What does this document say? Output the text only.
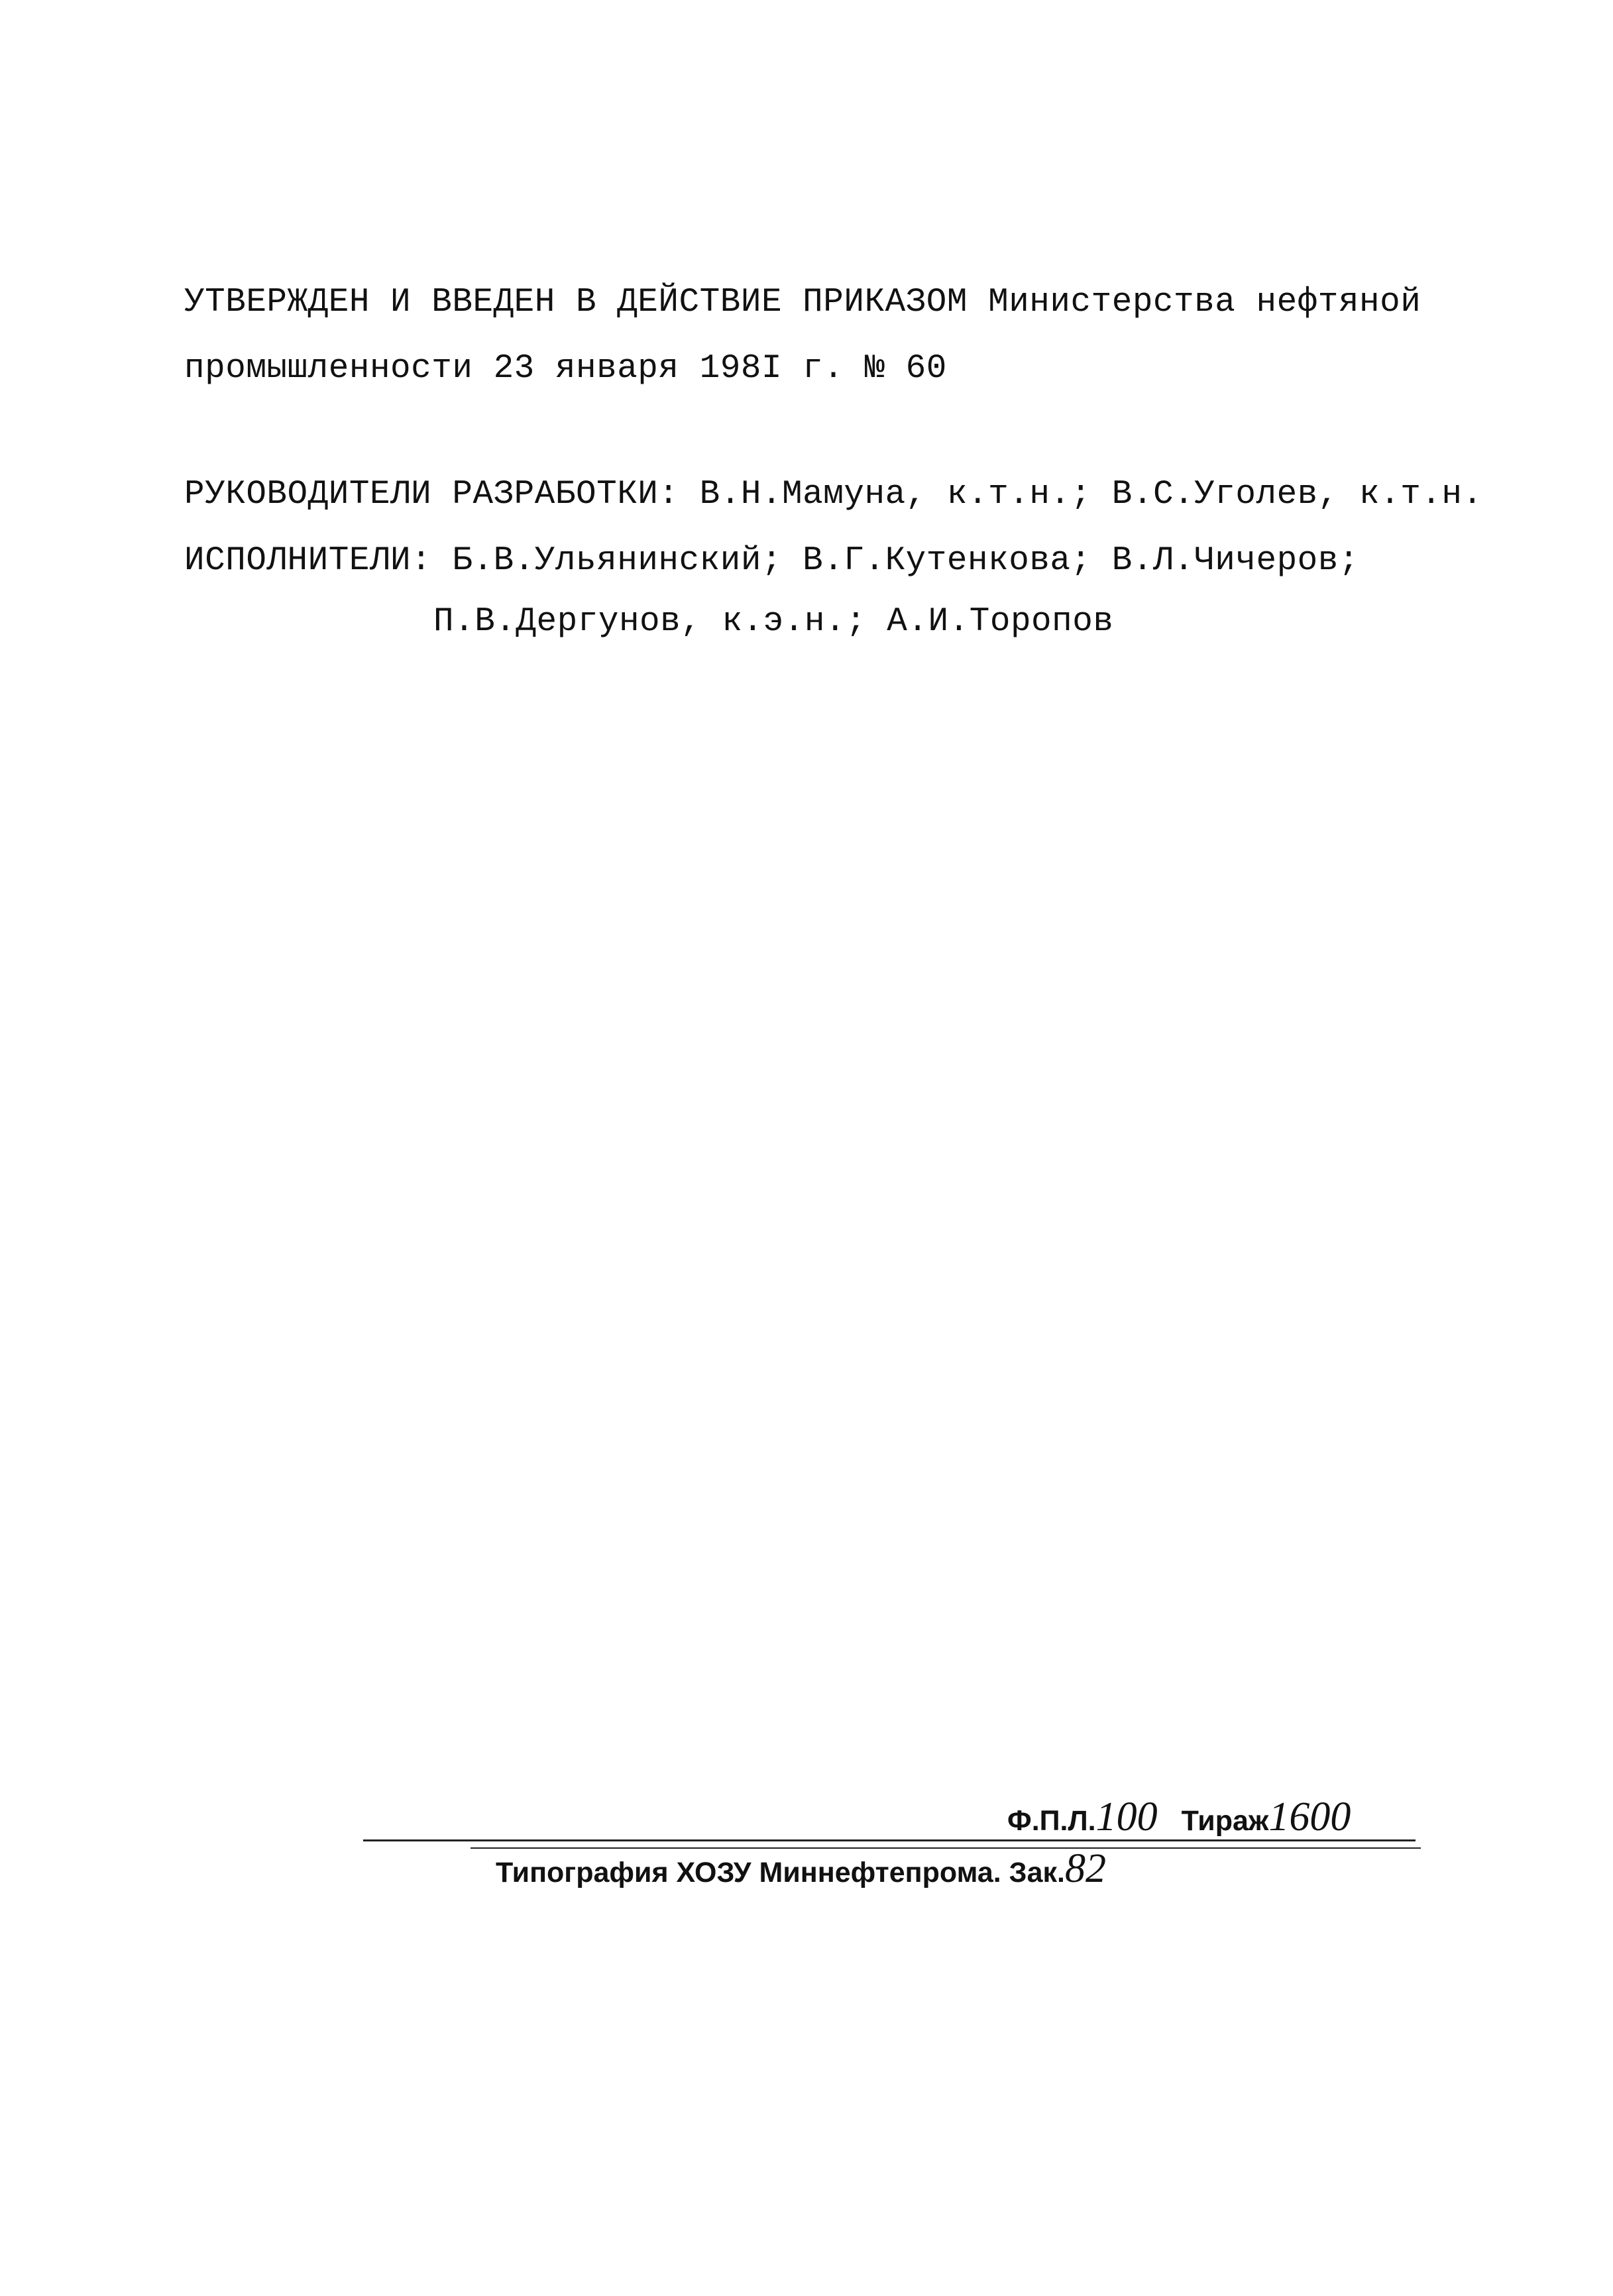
УТВЕРЖДЕН И ВВЕДЕН В ДЕЙСТВИЕ ПРИКАЗОМ Министерства нефтяной
промышленности 23 января 198I г. № 60
РУКОВОДИТЕЛИ РАЗРАБОТКИ: В.Н.Мамуна, к.т.н.; В.С.Уголев, к.т.н.
ИСПОЛНИТЕЛИ: Б.В.Ульянинский; В.Г.Кутенкова; В.Л.Чичеров;
П.В.Дергунов, к.э.н.; А.И.Торопов
Ф.П.Л.100 Тираж1600
Типография ХОЗУ Миннефтепрома. Зак.82
